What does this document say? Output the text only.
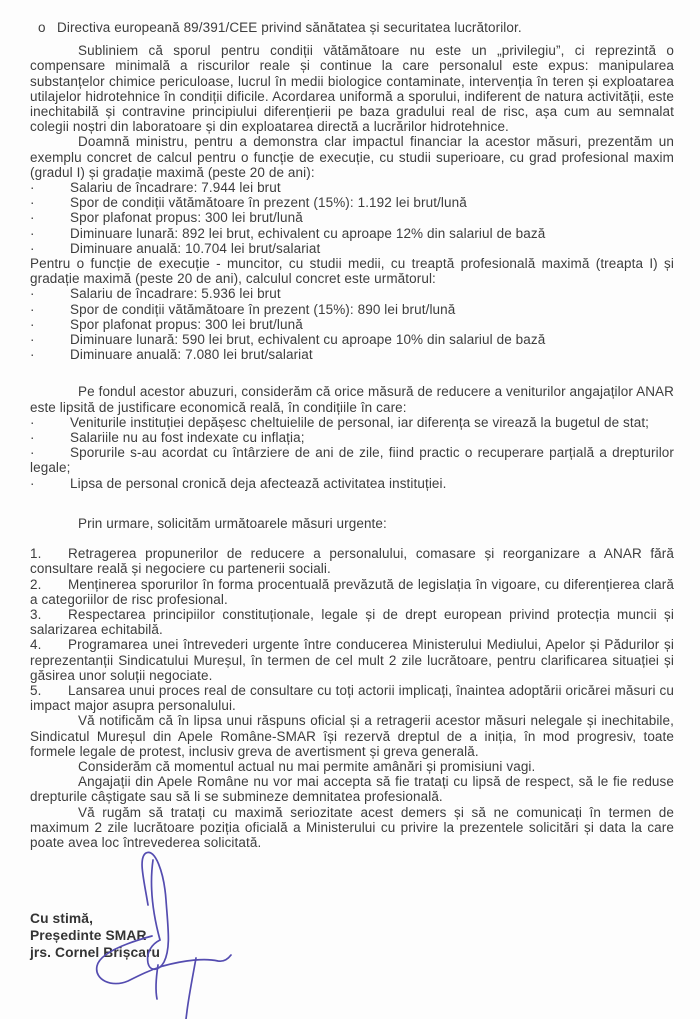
o Directiva europeană 89/391/CEE privind sănătatea și securitatea lucrătorilor.

Subliniem că sporul pentru condiții vătămătoare nu este un „privilegiu”, ci reprezintă o compensare minimală a riscurilor reale și continue la care personalul este expus: manipularea substanțelor chimice periculoase, lucrul în medii biologice contaminate, intervenția în teren și exploatarea utilajelor hidrotehnice în condiții dificile. Acordarea uniformă a sporului, indiferent de natura activității, este inechitabilă și contravine principiului diferențierii pe baza gradului real de risc, așa cum au semnalat colegii noștri din laboratoare și din exploatarea directă a lucrărilor hidrotehnice.

Doamnă ministru, pentru a demonstra clar impactul financiar la acestor măsuri, prezentăm un exemplu concret de calcul pentru o funcție de execuție, cu studii superioare, cu grad profesional maxim (gradul I) și gradație maximă (peste 20 de ani):

·	Salariu de încadrare: 7.944 lei brut
·	Spor de condiții vătămătoare în prezent (15%): 1.192 lei brut/lună
·	Spor plafonat propus: 300 lei brut/lună
·	Diminuare lunară: 892 lei brut, echivalent cu aproape 12% din salariul de bază
·	Diminuare anuală: 10.704 lei brut/salariat

Pentru o funcție de execuție - muncitor, cu studii medii, cu treaptă profesională maximă (treapta I) și gradație maximă (peste 20 de ani), calculul concret este următorul:

·	Salariu de încadrare: 5.936 lei brut
·	Spor de condiții vătămătoare în prezent (15%): 890 lei brut/lună
·	Spor plafonat propus: 300 lei brut/lună
·	Diminuare lunară: 590 lei brut, echivalent cu aproape 10% din salariul de bază
·	Diminuare anuală: 7.080 lei brut/salariat

Pe fondul acestor abuzuri, considerăm că orice măsură de reducere a veniturilor angajaților ANAR este lipsită de justificare economică reală, în condițiile în care:

·	Veniturile instituției depășesc cheltuielile de personal, iar diferența se virează la bugetul de stat;
·	Salariile nu au fost indexate cu inflația;
·	Sporurile s-au acordat cu întârziere de ani de zile, fiind practic o recuperare parțială a drepturilor legale;
·	Lipsa de personal cronică deja afectează activitatea instituției.

Prin urmare, solicităm următoarele măsuri urgente:

1. Retragerea propunerilor de reducere a personalului, comasare și reorganizare a ANAR fără consultare reală și negociere cu partenerii sociali.
2. Menținerea sporurilor în forma procentuală prevăzută de legislația în vigoare, cu diferențierea clară a categoriilor de risc profesional.
3. Respectarea principiilor constituționale, legale și de drept european privind protecția muncii și salarizarea echitabilă.
4. Programarea unei întrevederi urgente între conducerea Ministerului Mediului, Apelor și Pădurilor și reprezentanții Sindicatului Mureșul, în termen de cel mult 2 zile lucrătoare, pentru clarificarea situației și găsirea unor soluții negociate.
5. Lansarea unui proces real de consultare cu toți actorii implicați, înaintea adoptării oricărei măsuri cu impact major asupra personalului.

Vă notificăm că în lipsa unui răspuns oficial și a retragerii acestor măsuri nelegale și inechitabile, Sindicatul Mureșul din Apele Române-SMAR își rezervă dreptul de a iniția, în mod progresiv, toate formele legale de protest, inclusiv greva de avertisment și greva generală.

Considerăm că momentul actual nu mai permite amânări și promisiuni vagi.

Angajații din Apele Române nu vor mai accepta să fie tratați cu lipsă de respect, să le fie reduse drepturile câștigate sau să li se submineze demnitatea profesională.

Vă rugăm să tratați cu maximă seriozitate acest demers și să ne comunicați în termen de maximum 2 zile lucrătoare poziția oficială a Ministerului cu privire la prezentele solicitări și data la care poate avea loc întrevederea solicitată.

Cu stimă,
Președinte SMAR
jrs. Cornel Brișcaru
